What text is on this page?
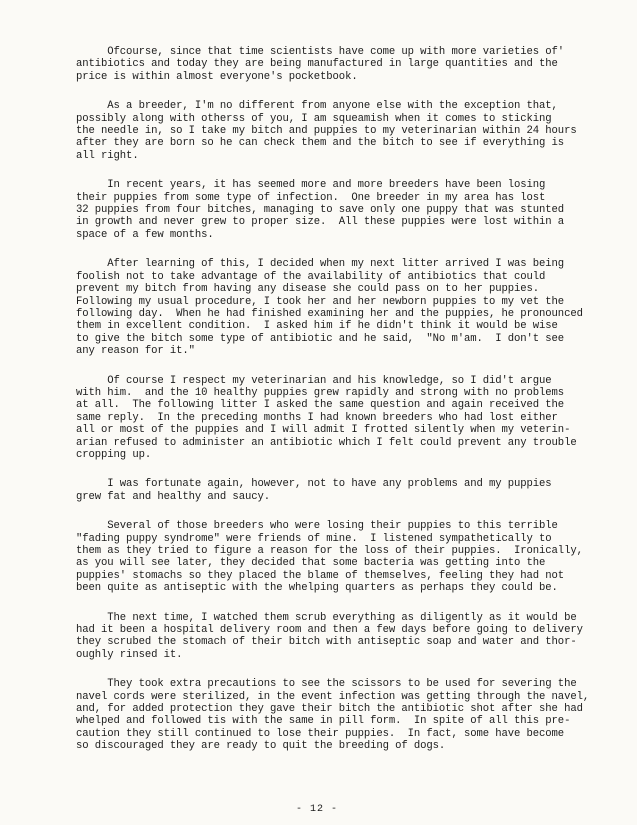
Ofcourse, since that time scientists have come up with more varieties of'
antibiotics and today they are being manufactured in large quantities and the
price is within almost everyone's pocketbook.

As a breeder, I'm no different from anyone else with the exception that,
possibly along with otherss of you, I am squeamish when it comes to sticking
the needle in, so I take my bitch and puppies to my veterinarian within 24 hours
after they are born so he can check them and the bitch to see if everything is
all right.

In recent years, it has seemed more and more breeders have been losing
their puppies from some type of infection.  One breeder in my area has lost
32 puppies from four bitches, managing to save only one puppy that was stunted
in growth and never grew to proper size.  All these puppies were lost within a
space of a few months.

After learning of this, I decided when my next litter arrived I was being
foolish not to take advantage of the availability of antibiotics that could
prevent my bitch from having any disease she could pass on to her puppies.
Following my usual procedure, I took her and her newborn puppies to my vet the
following day.  When he had finished examining her and the puppies, he pronounced
them in excellent condition.  I asked him if he didn't think it would be wise
to give the bitch some type of antibiotic and he said,  "No m'am.  I don't see
any reason for it."

Of course I respect my veterinarian and his knowledge, so I did't argue
with him.  and the 10 healthy puppies grew rapidly and strong with no problems
at all.  The following litter I asked the same question and again received the
same reply.  In the preceding months I had known breeders who had lost either
all or most of the puppies and I will admit I frotted silently when my veterin-
arian refused to administer an antibiotic which I felt could prevent any trouble
cropping up.

I was fortunate again, however, not to have any problems and my puppies
grew fat and healthy and saucy.

Several of those breeders who were losing their puppies to this terrible
"fading puppy syndrome" were friends of mine.  I listened sympathetically to
them as they tried to figure a reason for the loss of their puppies.  Ironically,
as you will see later, they decided that some bacteria was getting into the
puppies' stomachs so they placed the blame of themselves, feeling they had not
been quite as antiseptic with the whelping quarters as perhaps they could be.

The next time, I watched them scrub everything as diligently as it would be
had it been a hospital delivery room and then a few days before going to delivery
they scrubed the stomach of their bitch with antiseptic soap and water and thor-
oughly rinsed it.

They took extra precautions to see the scissors to be used for severing the
navel cords were sterilized, in the event infection was getting through the navel,
and, for added protection they gave their bitch the antibiotic shot after she had
whelped and followed tis with the same in pill form.  In spite of all this pre-
caution they still continued to lose their puppies.  In fact, some have become
so discouraged they are ready to quit the breeding of dogs.

- 12 -
